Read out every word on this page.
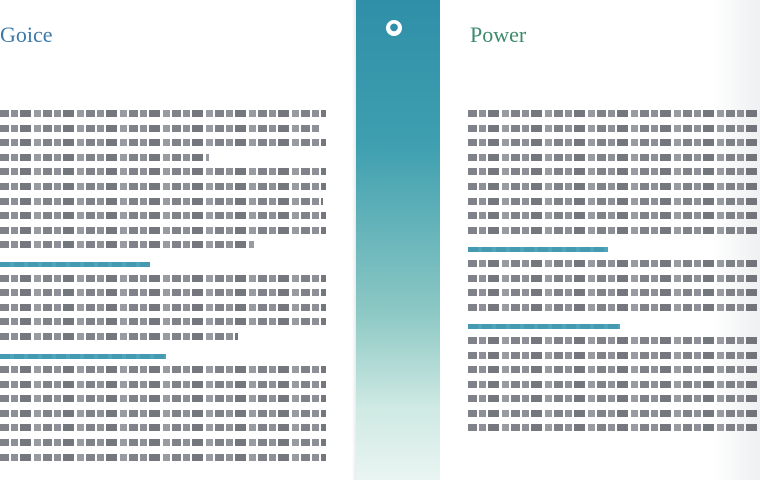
Goice	●	Power
